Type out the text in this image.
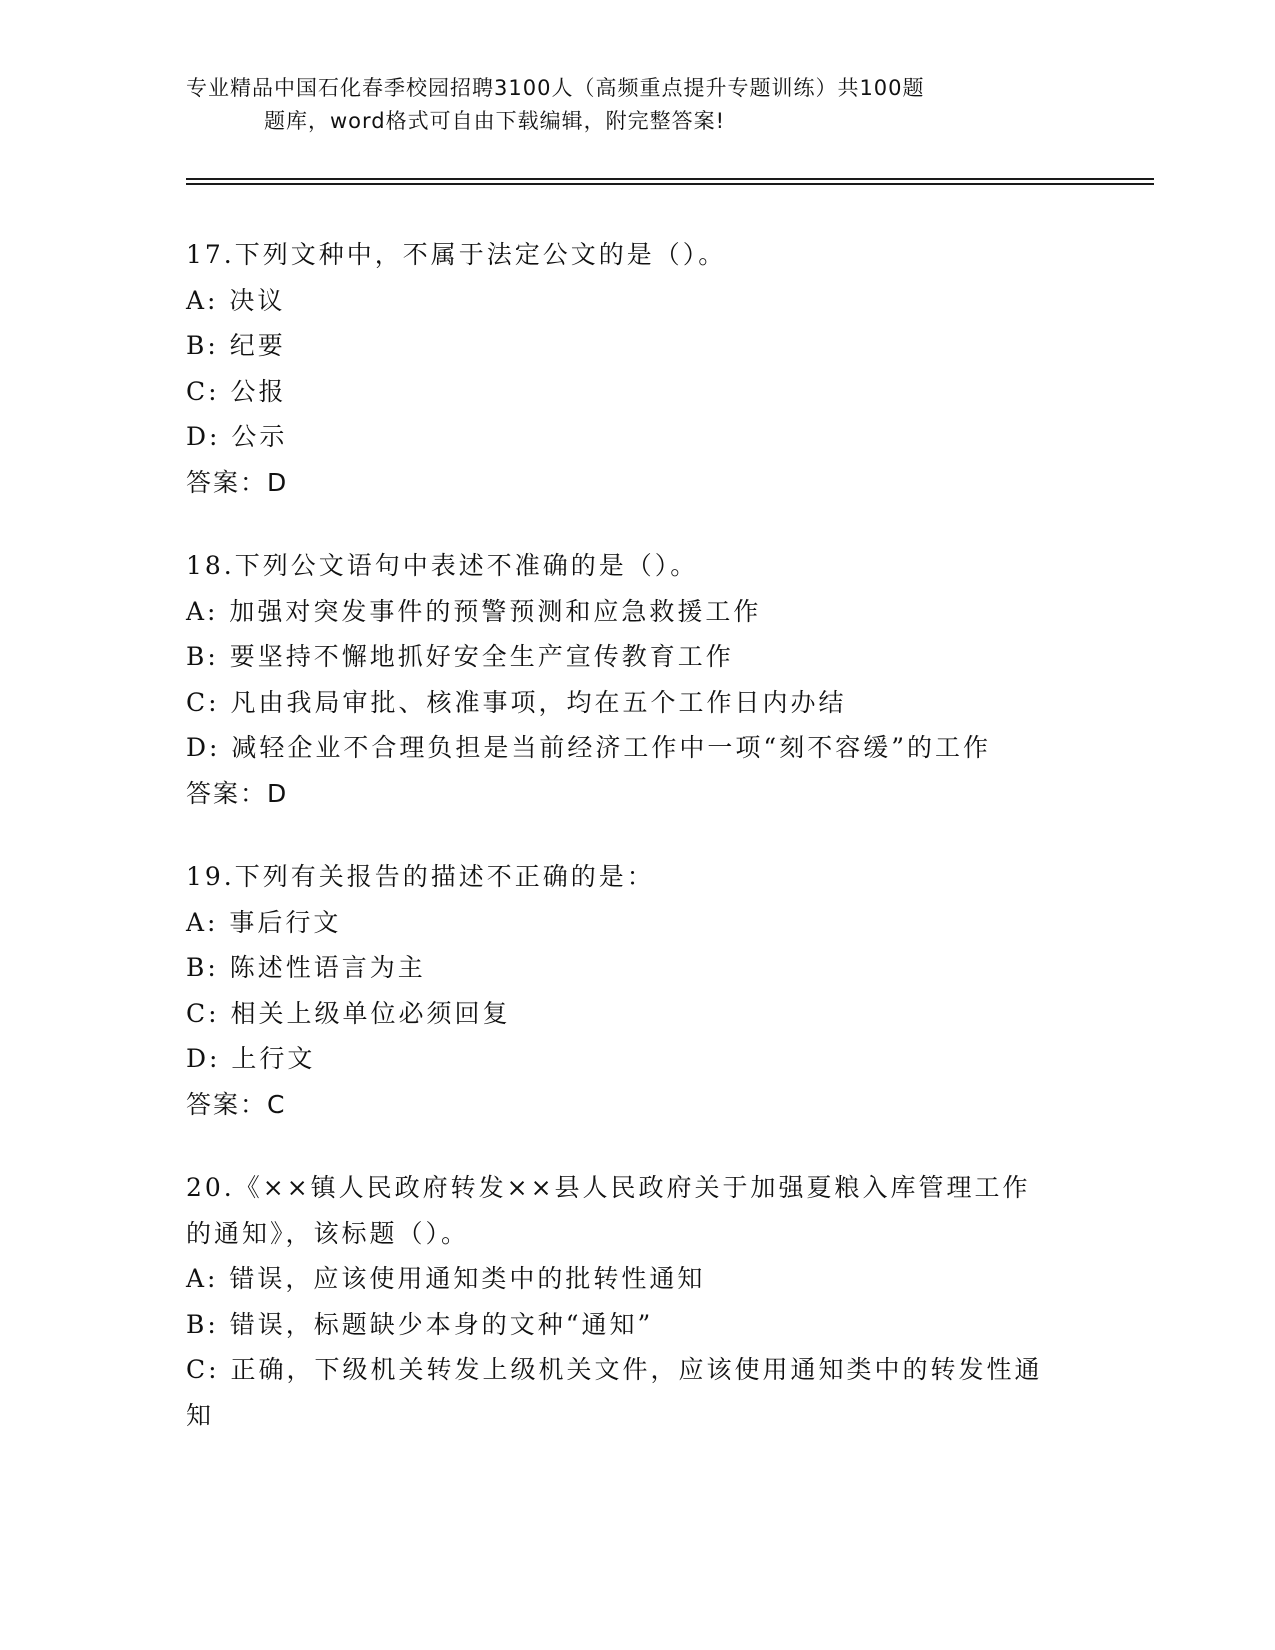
专业精品中国石化春季校园招聘3100人（高频重点提升专题训练）共100题
题库，word格式可自由下载编辑，附完整答案!
17.下列文种中，不属于法定公文的是（）。
A: 决议
B: 纪要
C: 公报
D: 公示
答案：D
18.下列公文语句中表述不准确的是（）。
A: 加强对突发事件的预警预测和应急救援工作
B: 要坚持不懈地抓好安全生产宣传教育工作
C: 凡由我局审批、核准事项，均在五个工作日内办结
D: 减轻企业不合理负担是当前经济工作中一项“刻不容缓”的工作
答案：D
19.下列有关报告的描述不正确的是：
A: 事后行文
B: 陈述性语言为主
C: 相关上级单位必须回复
D: 上行文
答案：C
20.《××镇人民政府转发××县人民政府关于加强夏粮入库管理工作
的通知》，该标题（）。
A: 错误，应该使用通知类中的批转性通知
B: 错误，标题缺少本身的文种“通知”
C: 正确，下级机关转发上级机关文件，应该使用通知类中的转发性通
知
